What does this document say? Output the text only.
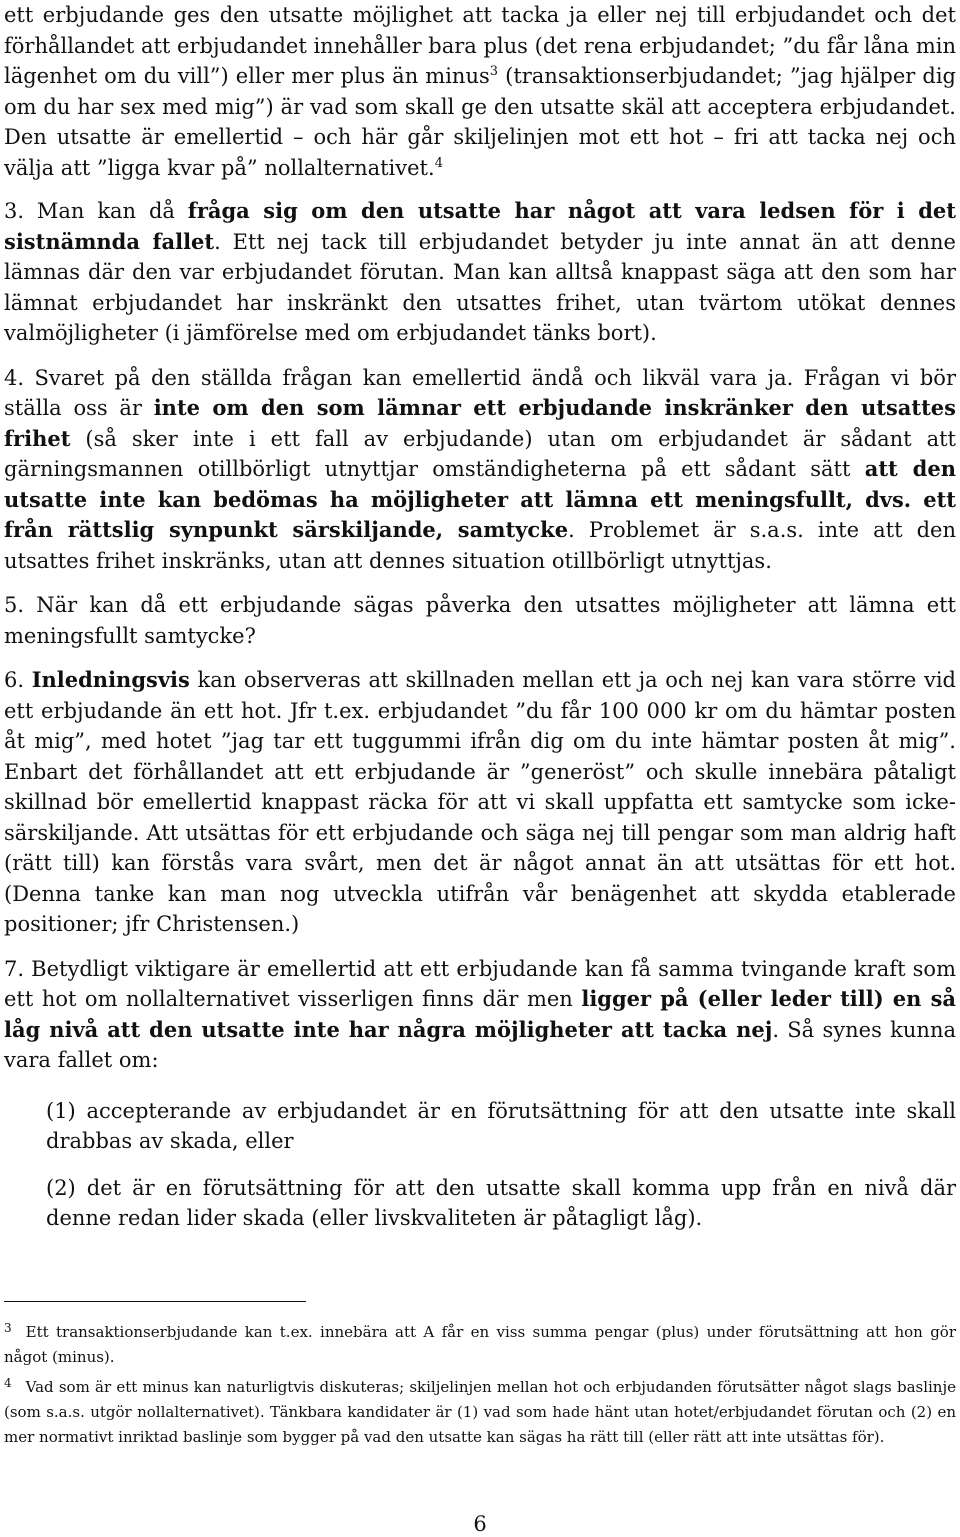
ett erbjudande ges den utsatte möjlighet att tacka ja eller nej till erbjudandet och det förhållandet att erbjudandet innehåller bara plus (det rena erbjudandet; ”du får låna min lägenhet om du vill”) eller mer plus än minus$^3$ (transaktionserbjudandet; ”jag hjälper dig om du har sex med mig”) är vad som skall ge den utsatte skäl att acceptera erbjudandet. Den utsatte är emellertid – och här går skiljelinjen mot ett hot – fri att tacka nej och välja att ”ligga kvar på” nollalternativet.$^4$

3. Man kan då fråga sig om den utsatte har något att vara ledsen för i det sistnämnda fallet. Ett nej tack till erbjudandet betyder ju inte annat än att denne lämnas där den var erbjudandet förutan. Man kan alltså knappast säga att den som har lämnat erbjudandet har inskränkt den utsattes frihet, utan tvärtom utökat dennes valmöjligheter (i jämförelse med om erbjudandet tänks bort).

4. Svaret på den ställda frågan kan emellertid ändå och likväl vara ja. Frågan vi bör ställa oss är inte om den som lämnar ett erbjudande inskränker den utsattes frihet (så sker inte i ett fall av erbjudande) utan om erbjudandet är sådant att gärningsmannen otillbörligt utnyttjar omständigheterna på ett sådant sätt att den utsatte inte kan bedömas ha möjligheter att lämna ett meningsfullt, dvs. ett från rättslig synpunkt särskiljande, samtycke. Problemet är s.a.s. inte att den utsattes frihet inskränks, utan att dennes situation otillbörligt utnyttjas.

5. När kan då ett erbjudande sägas påverka den utsattes möjligheter att lämna ett meningsfullt samtycke?

6. Inledningsvis kan observeras att skillnaden mellan ett ja och nej kan vara större vid ett erbjudande än ett hot. Jfr t.ex. erbjudandet ”du får 100 000 kr om du hämtar posten åt mig”, med hotet ”jag tar ett tuggummi ifrån dig om du inte hämtar posten åt mig”. Enbart det förhållandet att ett erbjudande är ”generöst” och skulle innebära påtaligt skillnad bör emellertid knappast räcka för att vi skall uppfatta ett samtycke som icke-särskiljande. Att utsättas för ett erbjudande och säga nej till pengar som man aldrig haft (rätt till) kan förstås vara svårt, men det är något annat än att utsättas för ett hot. (Denna tanke kan man nog utveckla utifrån vår benägenhet att skydda etablerade positioner; jfr Christensen.)

7. Betydligt viktigare är emellertid att ett erbjudande kan få samma tvingande kraft som ett hot om nollalternativet visserligen finns där men ligger på (eller leder till) en så låg nivå att den utsatte inte har några möjligheter att tacka nej. Så synes kunna vara fallet om:

(1) accepterande av erbjudandet är en förutsättning för att den utsatte inte skall drabbas av skada, eller

(2) det är en förutsättning för att den utsatte skall komma upp från en nivå där denne redan lider skada (eller livskvaliteten är påtagligt låg).

$^3$ Ett transaktionserbjudande kan t.ex. innebära att A får en viss summa pengar (plus) under förutsättning att hon gör något (minus).

$^4$ Vad som är ett minus kan naturligtvis diskuteras; skiljelinjen mellan hot och erbjudanden förutsätter något slags baslinje (som s.a.s. utgör nollalternativet). Tänkbara kandidater är (1) vad som hade hänt utan hotet/erbjudandet förutan och (2) en mer normativt inriktad baslinje som bygger på vad den utsatte kan sägas ha rätt till (eller rätt att inte utsättas för).

6
